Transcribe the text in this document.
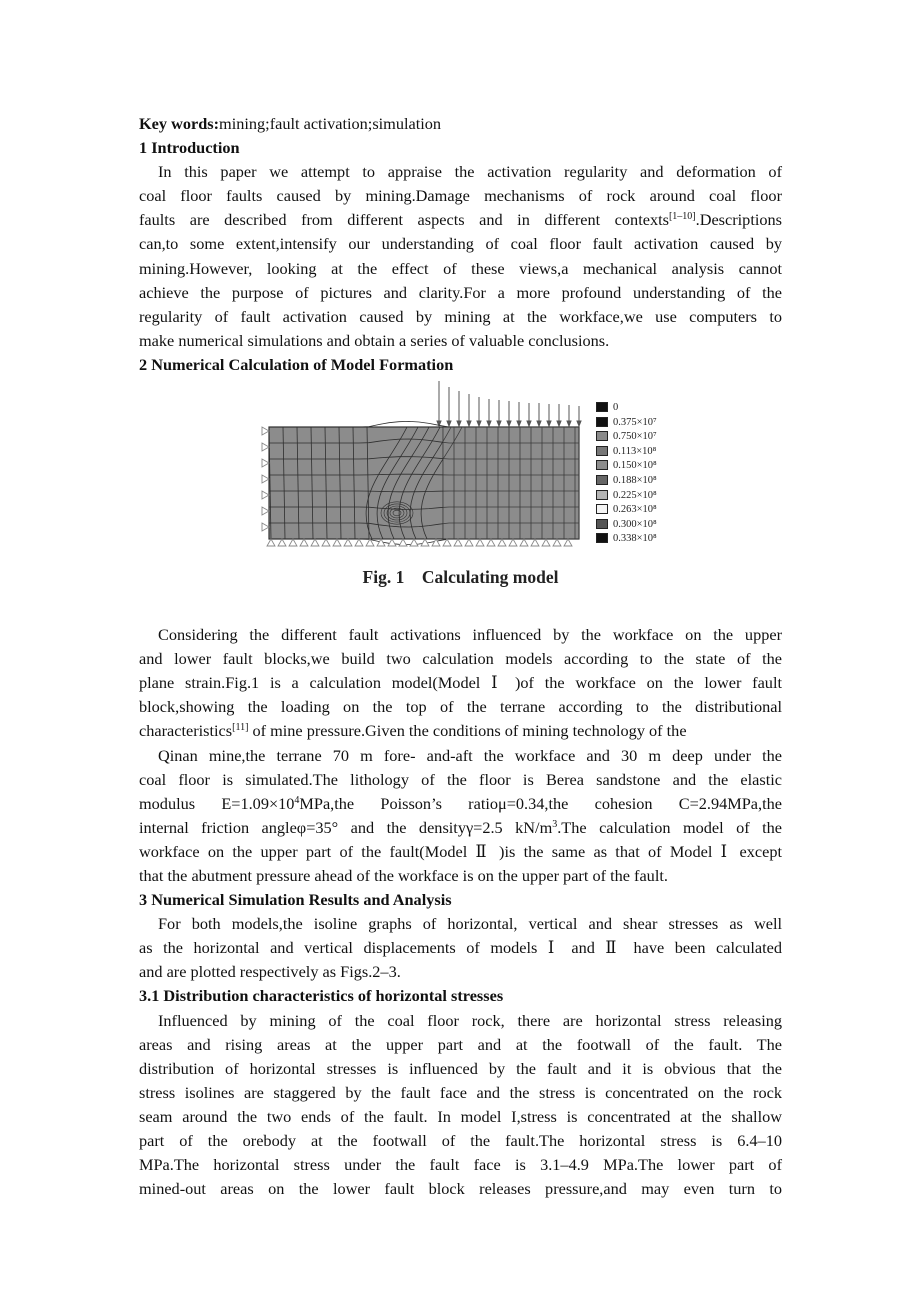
Key words:mining;fault activation;simulation
1 Introduction
In this paper we attempt to appraise the activation regularity and deformation of
coal floor faults caused by mining.Damage mechanisms of rock around coal floor
faults are described from different aspects and in different contexts[1–10].Descriptions
can,to some extent,intensify our understanding of coal floor fault activation caused by
mining.However, looking at the effect of these views,a mechanical analysis cannot
achieve the purpose of pictures and clarity.For a more profound understanding of the
regularity of fault activation caused by mining at the workface,we use computers to
make numerical simulations and obtain a series of valuable conclusions.
2 Numerical Calculation of Model Formation
0
0.375×10⁷
0.750×10⁷
0.113×10⁸
0.150×10⁸
0.188×10⁸
0.225×10⁸
0.263×10⁸
0.300×10⁸
0.338×10⁸
Fig. 1    Calculating model
Considering the different fault activations influenced by the workface on the upper
and lower fault blocks,we build two calculation models according to the state of the
plane strain.Fig.1 is a calculation model(Model Ⅰ )of the workface on the lower fault
block,showing the loading on the top of the terrane according to the distributional
characteristics[11] of mine pressure.Given the conditions of mining technology of the
Qinan mine,the terrane 70 m fore- and-aft the workface and 30 m deep under the
coal floor is simulated.The lithology of the floor is Berea sandstone and the elastic
modulus  $E=1.09\times 10^4MPa,the$  Poisson’s  ratioμ=0.34,the  cohesion  C=2.94MPa,the
internal friction angleφ=35° and the densityγ=2.5 $kN/m^3.The$ calculation model of the
workface on the upper part of the fault(Model Ⅱ )is the same as that of Model Ⅰ except
that the abutment pressure ahead of the workface is on the upper part of the fault.
3 Numerical Simulation Results and Analysis
For both models,the isoline graphs of horizontal, vertical and shear stresses as well
as the horizontal and vertical displacements of models Ⅰ and Ⅱ have been calculated
and are plotted respectively as Figs.2–3.
3.1 Distribution characteristics of horizontal stresses
Influenced by mining of the coal floor rock, there are horizontal stress releasing
areas  and  rising  areas  at  the  upper  part  and  at  the  footwall  of  the  fault.  The
distribution of horizontal stresses is influenced by the fault and it is obvious that the
stress isolines are staggered by the fault face and the stress is concentrated on the rock
seam around the two ends of the fault. In model I,stress is concentrated at the shallow
part of the orebody at the footwall of the fault.The horizontal stress is 6.4–10
MPa.The horizontal stress under the fault face is 3.1–4.9 MPa.The lower part of
mined-out areas on the lower fault block releases pressure,and may even turn to
